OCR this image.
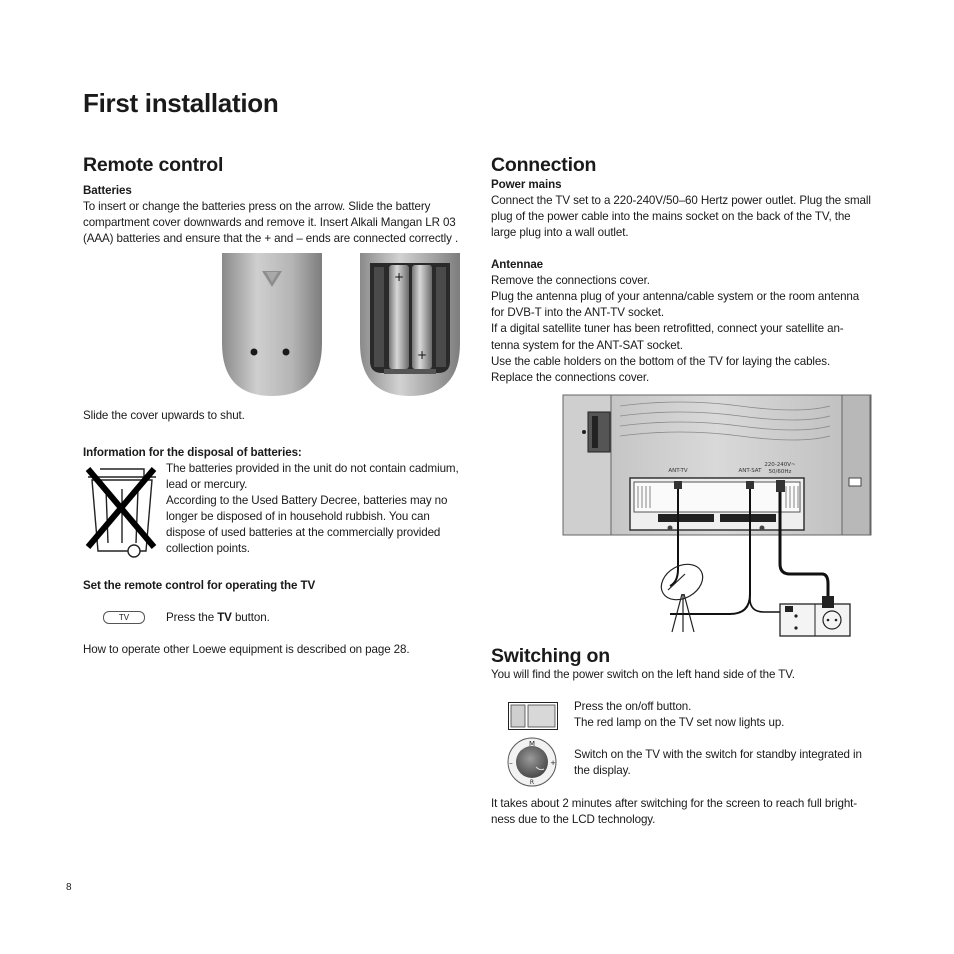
First installation
Remote control
Batteries
To insert or change the batteries press on the arrow. Slide the battery
compartment cover downwards and remove it. Insert Alkali Mangan LR 03
(AAA) batteries and ensure that the + and – ends are connected correctly .
+
+
Slide the cover upwards to shut.
Information for the disposal of batteries:
The batteries provided in the unit do not contain cadmium,
lead or mercury.
According to the Used Battery Decree, batteries may no
longer be disposed of in household rubbish. You can
dispose of used batteries at the commercially provided
collection points.
Set the remote control for operating the TV
TV	Press the TV button.
How to operate other Loewe equipment is described on page 28.
8
Connection
Power mains
Connect the TV set to a 220-240V/50–60 Hertz power outlet. Plug the small
plug of the power cable into the mains socket on the back of the TV, the
large plug into a wall outlet.
Antennae
Remove the connections cover.
Plug the antenna plug of your antenna/cable system or the room antenna
for DVB-T into the ANT-TV socket.
If a digital satellite tuner has been retrofitted, connect your satellite an-
tenna system for the ANT-SAT socket.
Use the cable holders on the bottom of the TV for laying the cables.
Replace the connections cover.
ANT-TV	ANT-SAT
220-240V~
50/60Hz
Switching on
You will find the power switch on the left hand side of the TV.
Press the on/off button.
The red lamp on the TV set now lights up.
M
R
–	+
Switch on the TV with the switch for standby integrated in
the display.
It takes about 2 minutes after switching for the screen to reach full bright-
ness due to the LCD technology.
